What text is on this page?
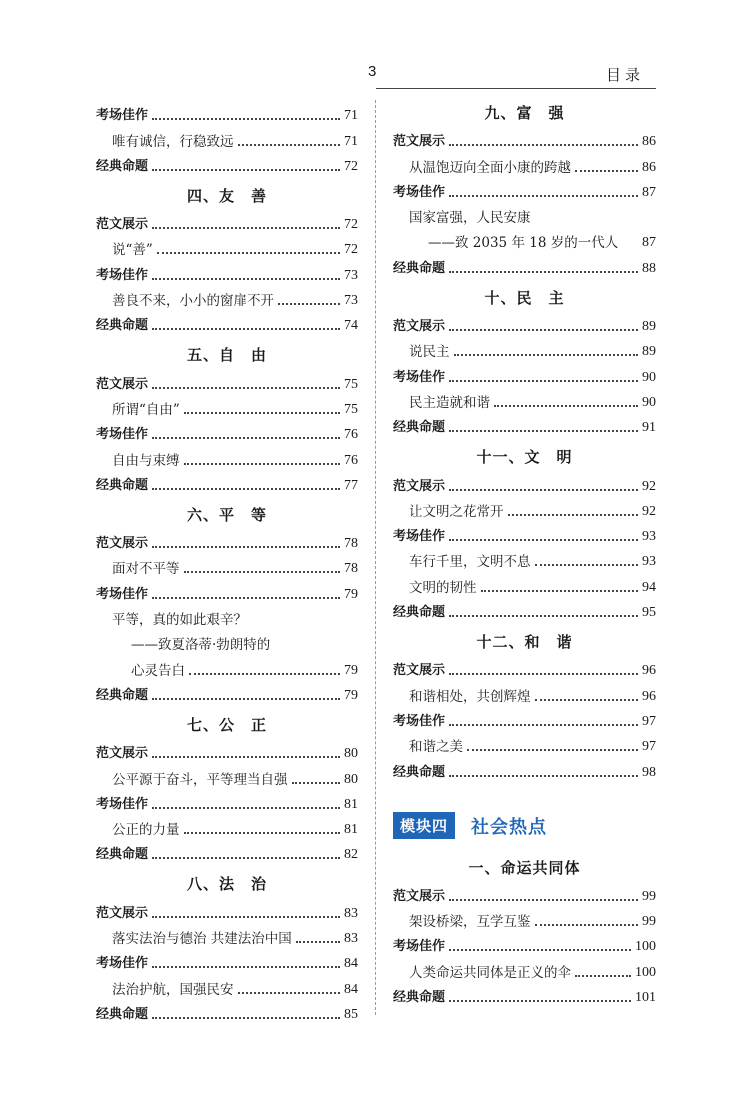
3	目录
考场佳作	71
唯有诚信，行稳致远	71
经典命题	72
四、友　善
范文展示	72
说“善”	72
考场佳作	73
善良不来，小小的窗扉不开	73
经典命题	74
五、自　由
范文展示	75
所谓“自由”	75
考场佳作	76
自由与束缚	76
经典命题	77
六、平　等
范文展示	78
面对不平等	78
考场佳作	79
平等，真的如此艰辛？
——致夏洛蒂·勃朗特的
心灵告白	79
经典命题	79
七、公　正
范文展示	80
公平源于奋斗，平等理当自强	80
考场佳作	81
公正的力量	81
经典命题	82
八、法　治
范文展示	83
落实法治与德治 共建法治中国	83
考场佳作	84
法治护航，国强民安	84
经典命题	85
九、富　强
范文展示	86
从温饱迈向全面小康的跨越	86
考场佳作	87
国家富强，人民安康
——致 2035 年 18 岁的一代人 87
经典命题	88
十、民　主
范文展示	89
说民主	89
考场佳作	90
民主造就和谐	90
经典命题	91
十一、文　明
范文展示	92
让文明之花常开	92
考场佳作	93
车行千里，文明不息	93
文明的韧性	94
经典命题	95
十二、和　谐
范文展示	96
和谐相处，共创辉煌	96
考场佳作	97
和谐之美	97
经典命题	98
模块四	社会热点
一、命运共同体
范文展示	99
架设桥梁，互学互鉴	99
考场佳作	100
人类命运共同体是正义的伞	100
经典命题	101
